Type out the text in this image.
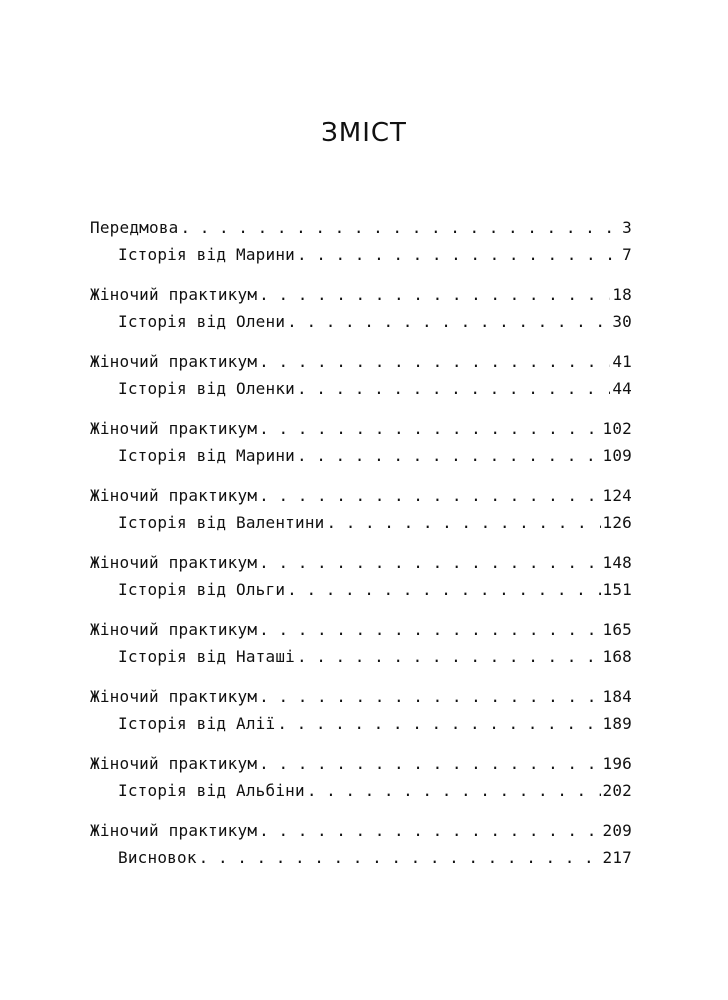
ЗМІСТ
Передмова . . .	3
Історія від Марини . . .	7
Жіночий практикум . . .	18
Історія від Олени . . .	30
Жіночий практикум . . .	41
Історія від Оленки . . .	44
Жіночий практикум . . .	102
Історія від Марини . . .	109
Жіночий практикум . . .	124
Історія від Валентини . . .	126
Жіночий практикум . . .	148
Історія від Ольги . . .	151
Жіночий практикум . . .	165
Історія від Наташі . . .	168
Жіночий практикум . . .	184
Історія від Алії . . .	189
Жіночий практикум . . .	196
Історія від Альбіни . . .	202
Жіночий практикум . . .	209
Висновок . . .	217
